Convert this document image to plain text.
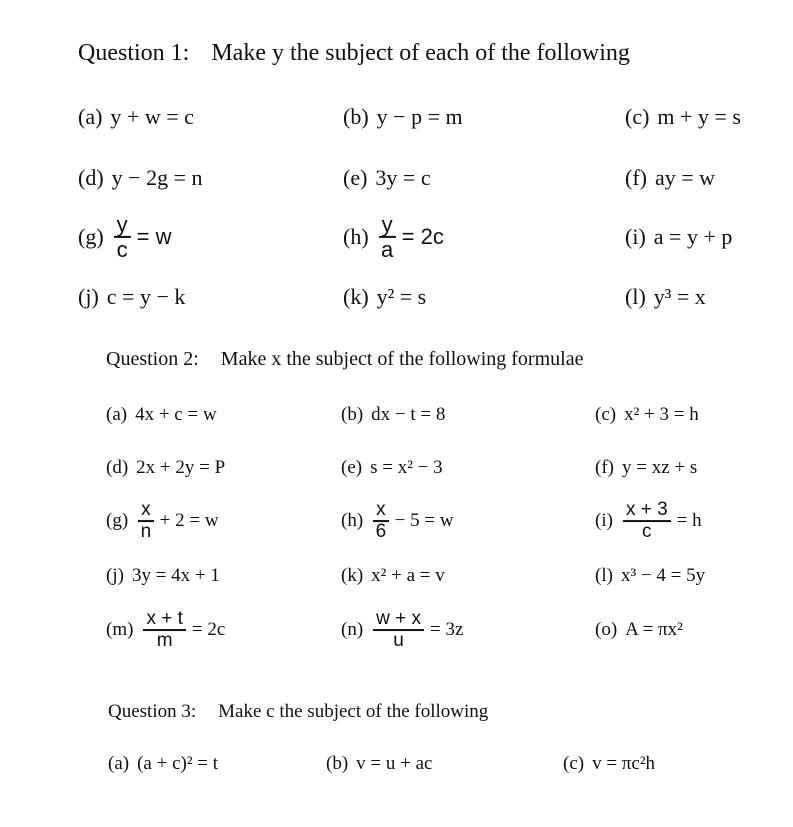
Question 1: Make y the subject of each of the following
(a) y + w = c	(b) y − p = m	(c) m + y = s
(d) y − 2g = n	(e) 3y = c	(f) ay = w
$(g) \frac{y}{c} = w$	$(h) \frac{y}{a} = 2c$	(i) a = y + p
(j) c = y − k	(k) y² = s	(l) y³ = x
Question 2: Make x the subject of the following formulae
(a) 4x + c = w	(b) dx − t = 8	(c) x² + 3 = h
(d) 2x + 2y = P	(e) s = x² − 3	(f) y = xz + s
$(g) \frac{x}{n} + 2 = w$	$(h) \frac{x}{6} - 5 = w$	$(i) \frac{x + 3}{c} = h$
(j) 3y = 4x + 1	(k) x² + a = v	(l) x³ − 4 = 5y
$(m) \frac{x + t}{m} = 2c$	$(n) \frac{w + x}{u} = 3z$	(o) A = πx²
Question 3: Make c the subject of the following
(a) (a + c)² = t	(b) v = u + ac	(c) v = πc²h
